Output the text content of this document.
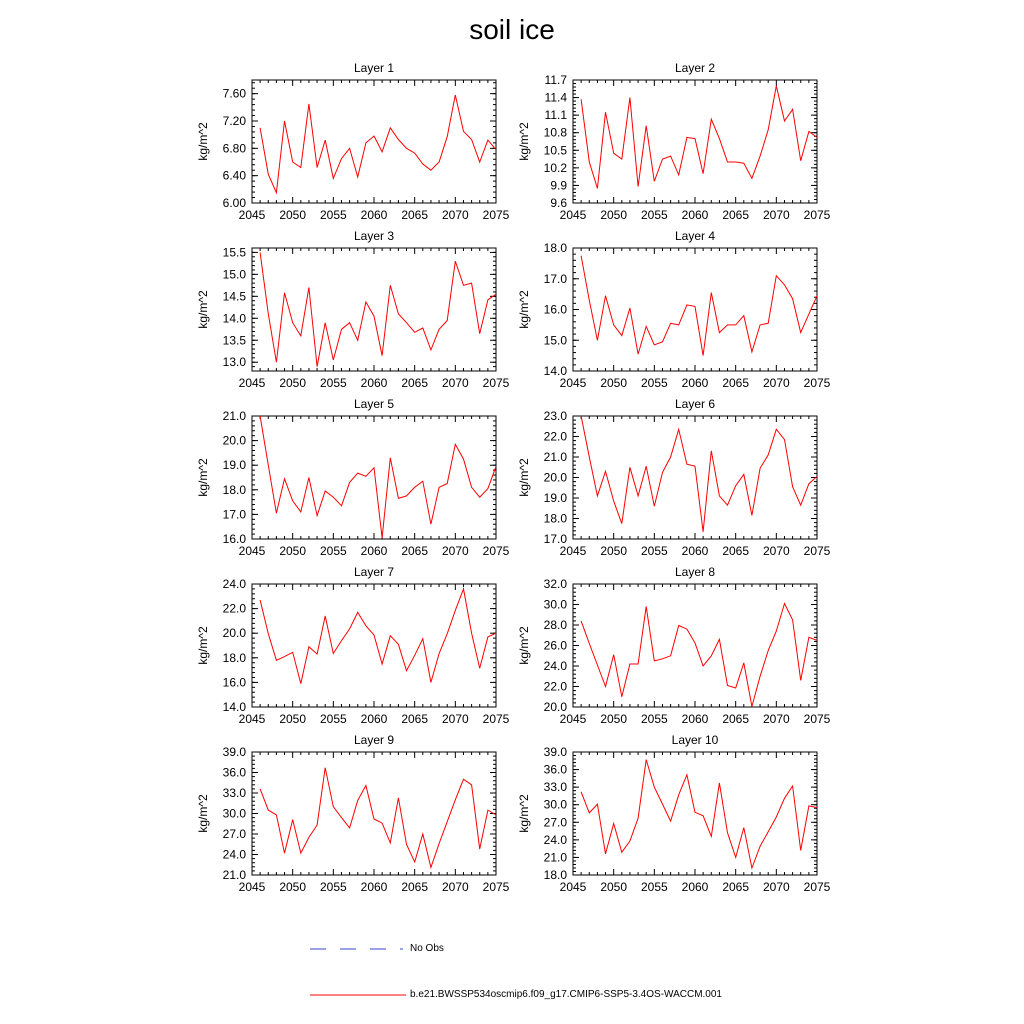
soil ice
Layer 1
kg/m^2
2045 2050 2055 2060 2065 2070 2075
6.00
6.40
6.80
7.20
7.60
Layer 2
kg/m^2
2045 2050 2055 2060 2065 2070 2075
9.6
9.9
10.2
10.5
10.8
11.1
11.4
11.7
Layer 3
kg/m^2
2045 2050 2055 2060 2065 2070 2075
13.0
13.5
14.0
14.5
15.0
15.5
Layer 4
kg/m^2
2045 2050 2055 2060 2065 2070 2075
14.0
15.0
16.0
17.0
18.0
Layer 5
kg/m^2
2045 2050 2055 2060 2065 2070 2075
16.0
17.0
18.0
19.0
20.0
21.0
Layer 6
kg/m^2
2045 2050 2055 2060 2065 2070 2075
17.0
18.0
19.0
20.0
21.0
22.0
23.0
Layer 7
kg/m^2
2045 2050 2055 2060 2065 2070 2075
14.0
16.0
18.0
20.0
22.0
24.0
Layer 8
kg/m^2
2045 2050 2055 2060 2065 2070 2075
20.0
22.0
24.0
26.0
28.0
30.0
32.0
Layer 9
kg/m^2
2045 2050 2055 2060 2065 2070 2075
21.0
24.0
27.0
30.0
33.0
36.0
39.0
Layer 10
kg/m^2
2045 2050 2055 2060 2065 2070 2075
18.0
21.0
24.0
27.0
30.0
33.0
36.0
39.0
No Obs
b.e21.BWSSP534oscmip6.f09_g17.CMIP6-SSP5-3.4OS-WACCM.001
